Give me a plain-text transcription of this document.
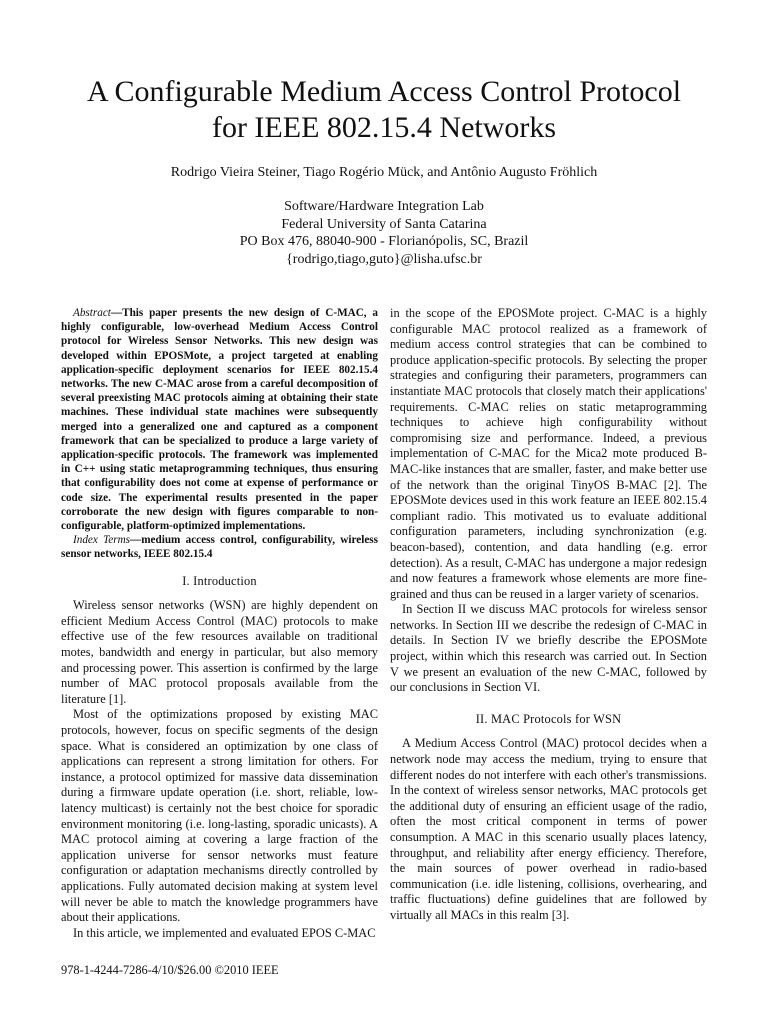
A Configurable Medium Access Control Protocol
for IEEE 802.15.4 Networks

Rodrigo Vieira Steiner, Tiago Rogério Mück, and Antônio Augusto Fröhlich

Software/Hardware Integration Lab
Federal University of Santa Catarina
PO Box 476, 88040-900 - Florianópolis, SC, Brazil
{rodrigo,tiago,guto}@lisha.ufsc.br

Abstract—This paper presents the new design of C-MAC, a highly configurable, low-overhead Medium Access Control protocol for Wireless Sensor Networks. This new design was developed within EPOSMote, a project targeted at enabling application-specific deployment scenarios for IEEE 802.15.4 networks. The new C-MAC arose from a careful decomposition of several preexisting MAC protocols aiming at obtaining their state machines. These individual state machines were subsequently merged into a generalized one and captured as a component framework that can be specialized to produce a large variety of application-specific protocols. The framework was implemented in C++ using static metaprogramming techniques, thus ensuring that configurability does not come at expense of performance or code size. The experimental results presented in the paper corroborate the new design with figures comparable to non-configurable, platform-optimized implementations.

Index Terms—medium access control, configurability, wireless sensor networks, IEEE 802.15.4

I. Introduction

Wireless sensor networks (WSN) are highly dependent on efficient Medium Access Control (MAC) protocols to make effective use of the few resources available on traditional motes, bandwidth and energy in particular, but also memory and processing power. This assertion is confirmed by the large number of MAC protocol proposals available from the literature [1].

Most of the optimizations proposed by existing MAC protocols, however, focus on specific segments of the design space. What is considered an optimization by one class of applications can represent a strong limitation for others. For instance, a protocol optimized for massive data dissemination during a firmware update operation (i.e. short, reliable, low-latency multicast) is certainly not the best choice for sporadic environment monitoring (i.e. long-lasting, sporadic unicasts). A MAC protocol aiming at covering a large fraction of the application universe for sensor networks must feature configuration or adaptation mechanisms directly controlled by applications. Fully automated decision making at system level will never be able to match the knowledge programmers have about their applications.

In this article, we implemented and evaluated EPOS C-MAC

in the scope of the EPOSMote project. C-MAC is a highly configurable MAC protocol realized as a framework of medium access control strategies that can be combined to produce application-specific protocols. By selecting the proper strategies and configuring their parameters, programmers can instantiate MAC protocols that closely match their applications' requirements. C-MAC relies on static metaprogramming techniques to achieve high configurability without compromising size and performance. Indeed, a previous implementation of C-MAC for the Mica2 mote produced B-MAC-like instances that are smaller, faster, and make better use of the network than the original TinyOS B-MAC [2]. The EPOSMote devices used in this work feature an IEEE 802.15.4 compliant radio. This motivated us to evaluate additional configuration parameters, including synchronization (e.g. beacon-based), contention, and data handling (e.g. error detection). As a result, C-MAC has undergone a major redesign and now features a framework whose elements are more fine-grained and thus can be reused in a larger variety of scenarios.

In Section II we discuss MAC protocols for wireless sensor networks. In Section III we describe the redesign of C-MAC in details. In Section IV we briefly describe the EPOSMote project, within which this research was carried out. In Section V we present an evaluation of the new C-MAC, followed by our conclusions in Section VI.

II. MAC Protocols for WSN

A Medium Access Control (MAC) protocol decides when a network node may access the medium, trying to ensure that different nodes do not interfere with each other's transmissions. In the context of wireless sensor networks, MAC protocols get the additional duty of ensuring an efficient usage of the radio, often the most critical component in terms of power consumption. A MAC in this scenario usually places latency, throughput, and reliability after energy efficiency. Therefore, the main sources of power overhead in radio-based communication (i.e. idle listening, collisions, overhearing, and traffic fluctuations) define guidelines that are followed by virtually all MACs in this realm [3].

978-1-4244-7286-4/10/$26.00 ©2010 IEEE
